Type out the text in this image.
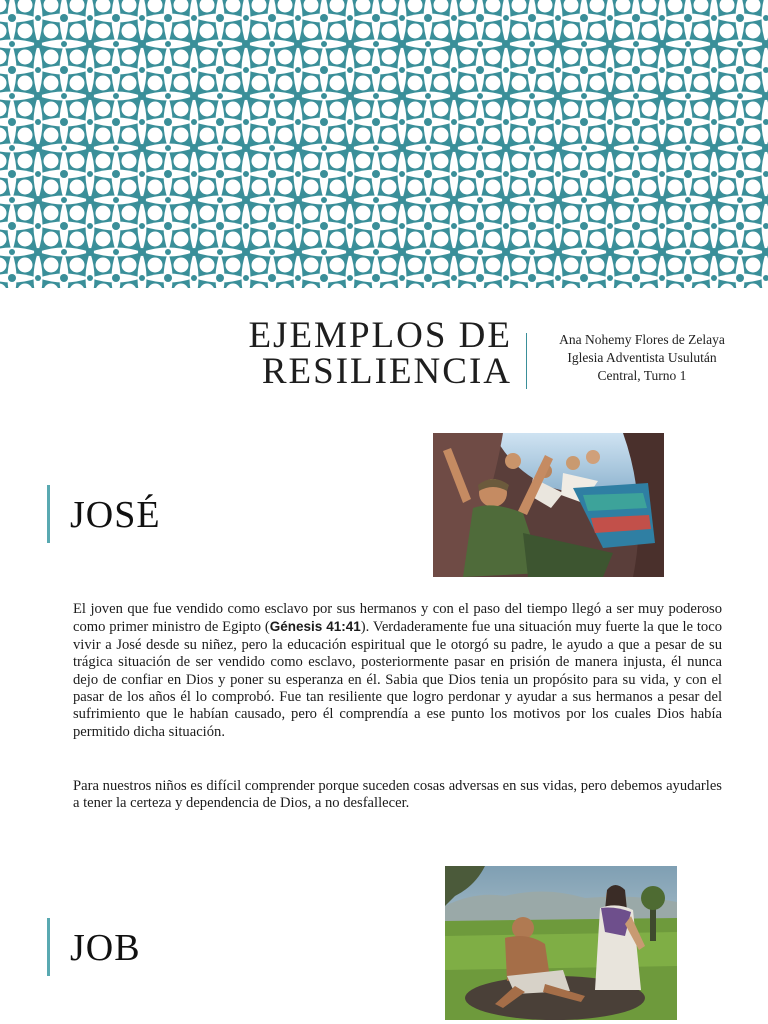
EJEMPLOS DE
RESILIENCIA
Ana Nohemy Flores de Zelaya
Iglesia Adventista Usulután
Central, Turno 1
JOSÉ
El joven que fue vendido como esclavo por sus hermanos y con el paso del tiempo llegó a ser muy poderoso como primer ministro de Egipto (Génesis 41:41). Verdaderamente fue una situación muy fuerte la que le toco vivir a José desde su niñez, pero la educación espiritual que le otorgó su padre, le ayudo a que a pesar de su trágica situación de ser vendido como esclavo, posteriormente pasar en prisión de manera injusta, él nunca dejo de confiar en Dios y poner su esperanza en él. Sabia que Dios tenia un propósito para su vida, y con el pasar de los años él lo comprobó. Fue tan resiliente que logro perdonar y ayudar a sus hermanos a pesar del sufrimiento que le habían causado, pero él comprendía a ese punto los motivos por los cuales Dios había permitido dicha situación.
Para nuestros niños es difícil comprender porque suceden cosas adversas en sus vidas, pero debemos ayudarles a tener la certeza y dependencia de Dios, a no desfallecer.
JOB
